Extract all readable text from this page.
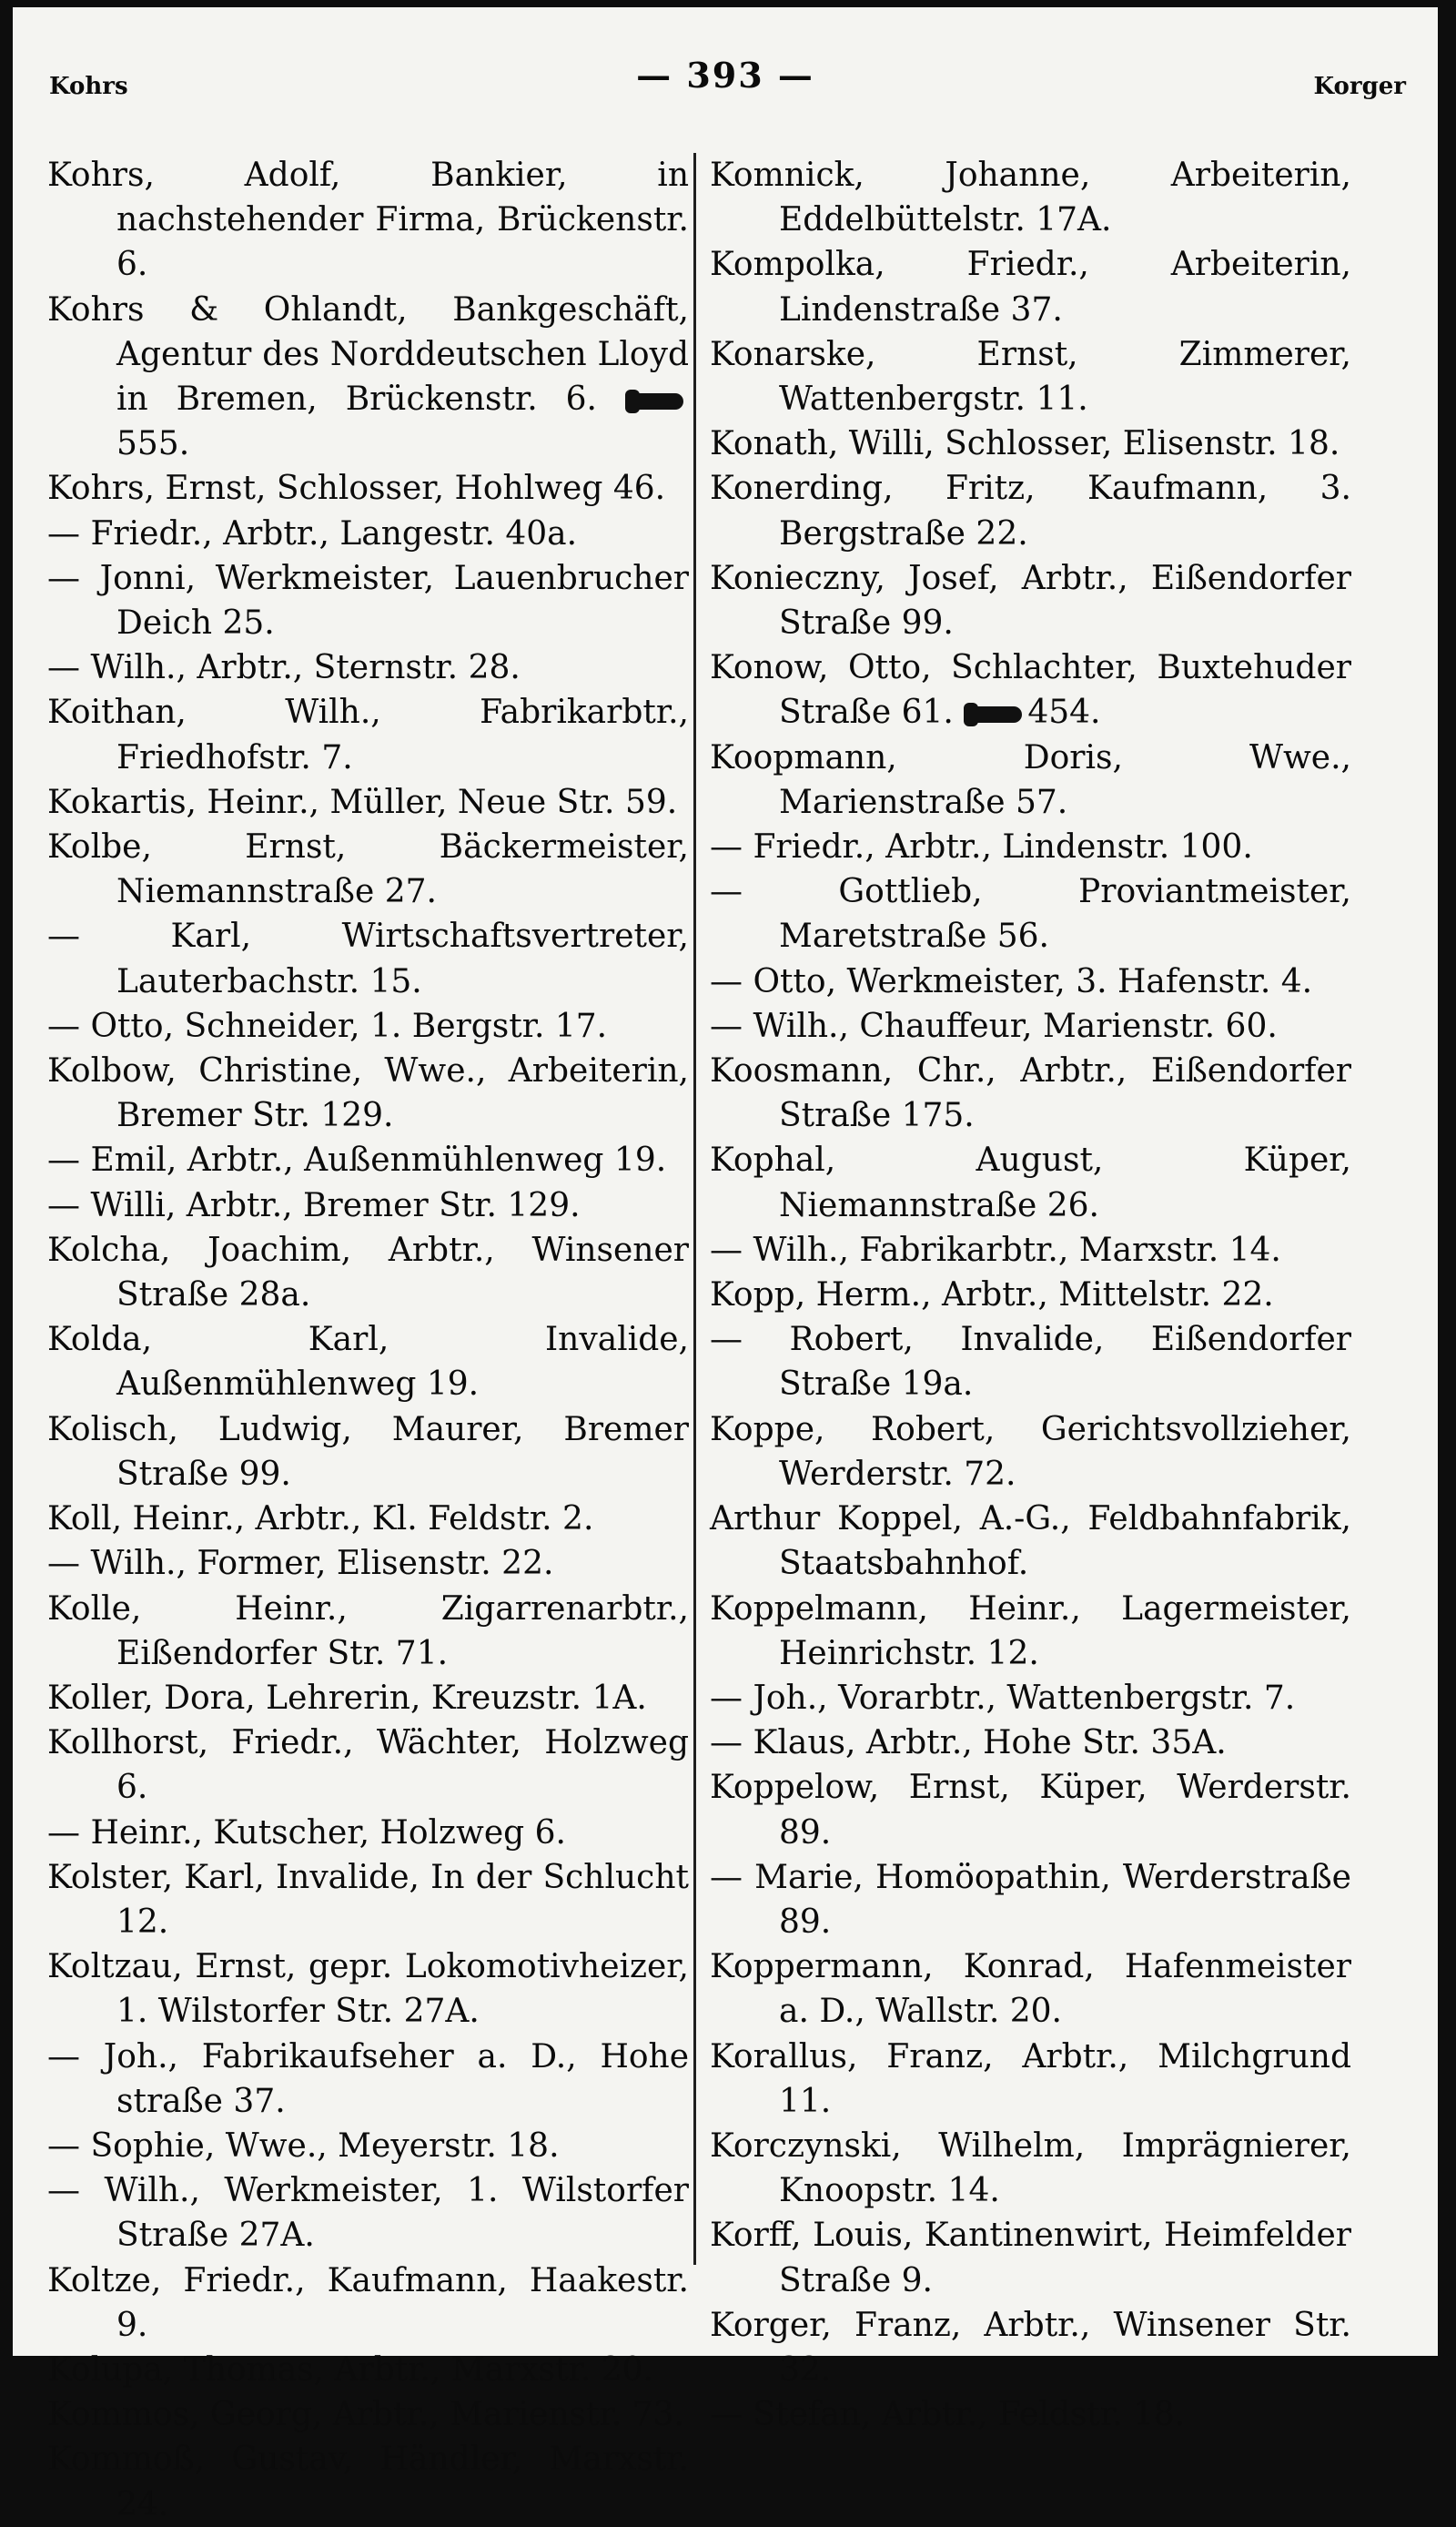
Kohrs	— 393 —	Korger
Kohrs, Adolf, Bankier, in nachstehender Firma, Brückenstr. 6.
Kohrs & Ohlandt, Bankgeschäft, Agentur des Norddeutschen Lloyd in Bremen, Brückenstr. 6. 555.
Kohrs, Ernst, Schlosser, Hohlweg 46.
— Friedr., Arbtr., Langestr. 40a.
— Jonni, Werkmeister, Lauenbrucher Deich 25.
— Wilh., Arbtr., Sternstr. 28.
Koithan, Wilh., Fabrikarbtr., Friedhofstr. 7.
Kokartis, Heinr., Müller, Neue Str. 59.
Kolbe, Ernst, Bäckermeister, Niemannstraße 27.
— Karl, Wirtschaftsvertreter, Lauterbachstr. 15.
— Otto, Schneider, 1. Bergstr. 17.
Kolbow, Christine, Wwe., Arbeiterin, Bremer Str. 129.
— Emil, Arbtr., Außenmühlenweg 19.
— Willi, Arbtr., Bremer Str. 129.
Kolcha, Joachim, Arbtr., Winsener Straße 28a.
Kolda, Karl, Invalide, Außenmühlenweg 19.
Kolisch, Ludwig, Maurer, Bremer Straße 99.
Koll, Heinr., Arbtr., Kl. Feldstr. 2.
— Wilh., Former, Elisenstr. 22.
Kolle, Heinr., Zigarrenarbtr., Eißendorfer Str. 71.
Koller, Dora, Lehrerin, Kreuzstr. 1A.
Kollhorst, Friedr., Wächter, Holzweg 6.
— Heinr., Kutscher, Holzweg 6.
Kolster, Karl, Invalide, In der Schlucht 12.
Koltzau, Ernst, gepr. Lokomotivheizer, 1. Wilstorfer Str. 27A.
— Joh., Fabrikaufseher a. D., Hohe straße 37.
— Sophie, Wwe., Meyerstr. 18.
— Wilh., Werkmeister, 1. Wilstorfer Straße 27A.
Koltze, Friedr., Kaufmann, Haakestr. 9.
Kolupa, Thomas, Arbtr., Marxstr. 20.
Kommos, Georg, Arbtr., Marienstr. 73.
Kommoß, Gustav, Händler, Marxstr. 24.
Komnick, Johanne, Arbeiterin, Eddelbüttelstr. 17A.
Kompolka, Friedr., Arbeiterin, Lindenstraße 37.
Konarske, Ernst, Zimmerer, Wattenbergstr. 11.
Konath, Willi, Schlosser, Elisenstr. 18.
Konerding, Fritz, Kaufmann, 3. Bergstraße 22.
Konieczny, Josef, Arbtr., Eißendorfer Straße 99.
Konow, Otto, Schlachter, Buxtehuder Straße 61. 454.
Koopmann, Doris, Wwe., Marienstraße 57.
— Friedr., Arbtr., Lindenstr. 100.
— Gottlieb, Proviantmeister, Maretstraße 56.
— Otto, Werkmeister, 3. Hafenstr. 4.
— Wilh., Chauffeur, Marienstr. 60.
Koosmann, Chr., Arbtr., Eißendorfer Straße 175.
Kophal, August, Küper, Niemannstraße 26.
— Wilh., Fabrikarbtr., Marxstr. 14.
Kopp, Herm., Arbtr., Mittelstr. 22.
— Robert, Invalide, Eißendorfer Straße 19a.
Koppe, Robert, Gerichtsvollzieher, Werderstr. 72.
Arthur Koppel, A.-G., Feldbahnfabrik, Staatsbahnhof.
Koppelmann, Heinr., Lagermeister, Heinrichstr. 12.
— Joh., Vorarbtr., Wattenbergstr. 7.
— Klaus, Arbtr., Hohe Str. 35A.
Koppelow, Ernst, Küper, Werderstr. 89.
— Marie, Homöopathin, Werderstraße 89.
Koppermann, Konrad, Hafenmeister a. D., Wallstr. 20.
Korallus, Franz, Arbtr., Milchgrund 11.
Korczynski, Wilhelm, Imprägnierer, Knoopstr. 14.
Korff, Louis, Kantinenwirt, Heimfelder Straße 9.
Korger, Franz, Arbtr., Winsener Str. 32.
— Stefan, Arbtr., Feldstr. 18.
